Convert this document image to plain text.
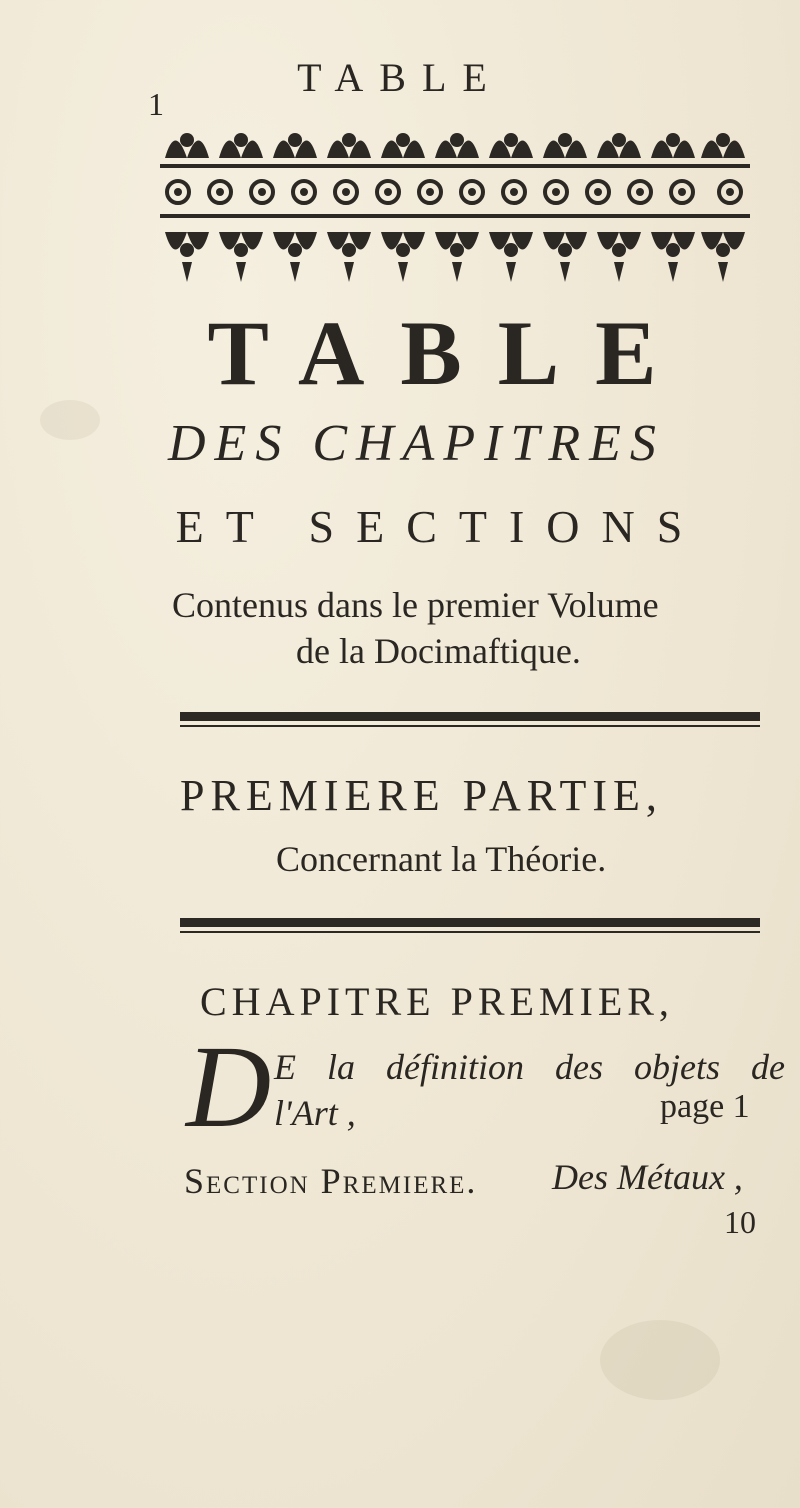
1
TABLE
TABLE
DES CHAPITRES
ET SECTIONS
Contenus dans le premier Volume
de la Docimaftique.
PREMIERE PARTIE,
Concernant la Théorie.
CHAPITRE PREMIER,
D E la définition des objets de
l'Art ,	page 1
Section Premiere. Des Métaux ,
10
